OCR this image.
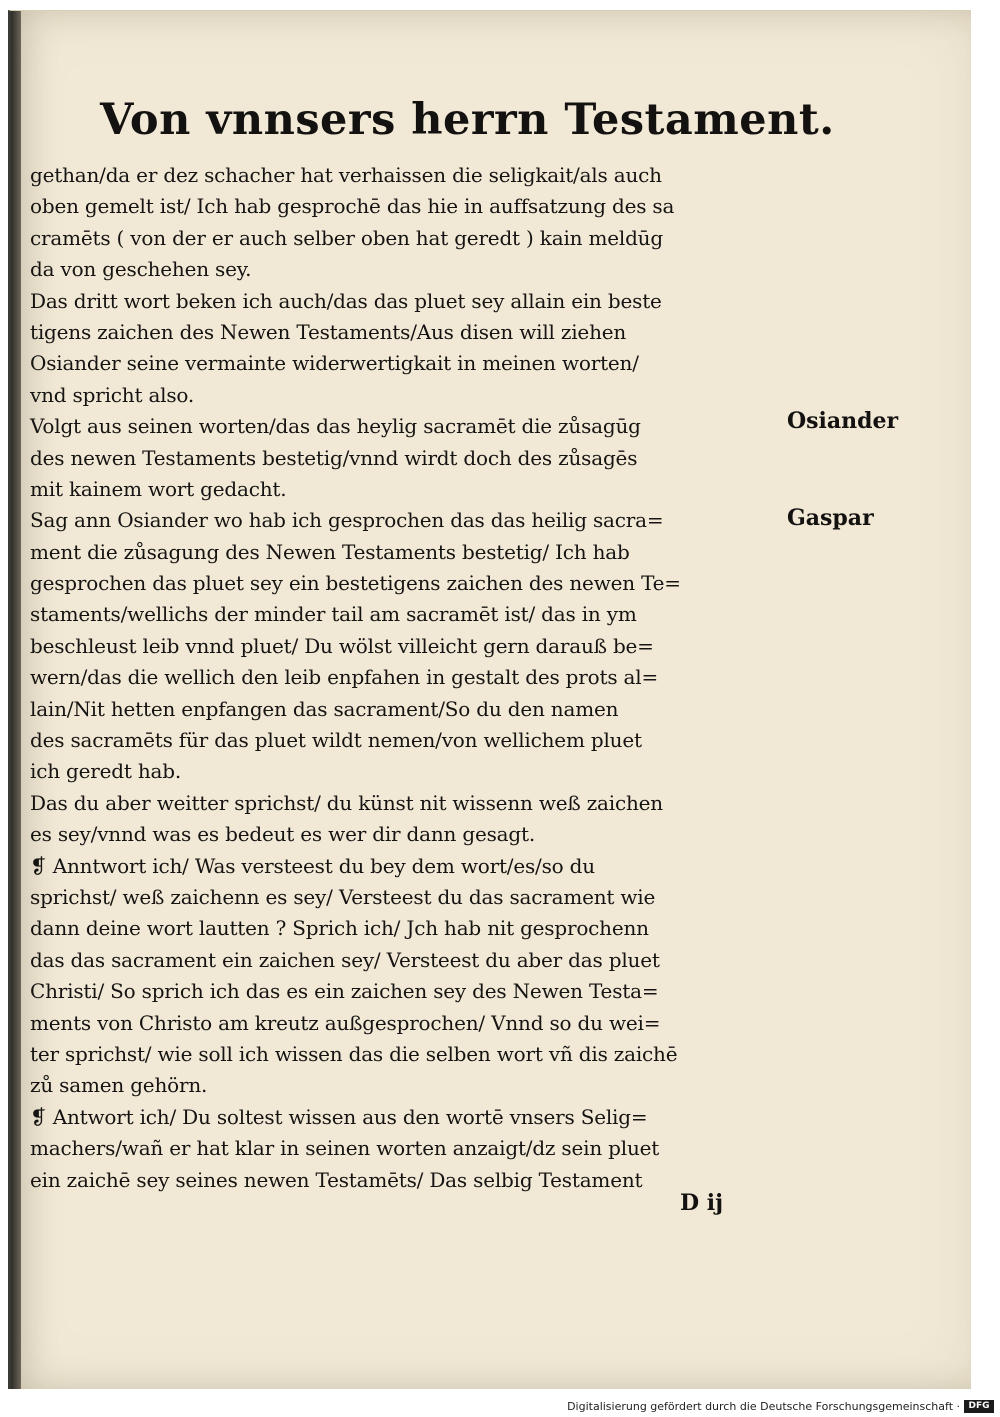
Von vnnsers herrn Testament.
gethan/da er dez schacher hat verhaissen die seligkait/als auch
oben gemelt ist/ Ich hab gesprochē das hie in auffsatzung des sa
cramēts ( von der er auch selber oben hat geredt ) kain meldūg
da von geschehen sey.
Das dritt wort beken ich auch/das das pluet sey allain ein beste
tigens zaichen des Newen Testaments/Aus disen will ziehen
Osiander seine vermainte widerwertigkait in meinen worten/
vnd spricht also.
Volgt aus seinen worten/das das heylig sacramēt die zůsagūg
des newen Testaments bestetig/vnnd wirdt doch des zůsagēs
mit kainem wort gedacht.
Sag ann Osiander wo hab ich gesprochen das das heilig sacra=
ment die zůsagung des Newen Testaments bestetig/ Ich hab
gesprochen das pluet sey ein bestetigens zaichen des newen Te=
staments/wellichs der minder tail am sacramēt ist/ das in ym
beschleust leib vnnd pluet/ Du wölst villeicht gern darauß be=
wern/das die wellich den leib enpfahen in gestalt des prots al=
lain/Nit hetten enpfangen das sacrament/So du den namen
des sacramēts für das pluet wildt nemen/von wellichem pluet
ich geredt hab.
Das du aber weitter sprichst/ du künst nit wissenn weß zaichen
es sey/vnnd was es bedeut es wer dir dann gesagt.
❡ Anntwort ich/ Was versteest du bey dem wort/es/so du
sprichst/ weß zaichenn es sey/ Versteest du das sacrament wie
dann deine wort lautten ? Sprich ich/ Jch hab nit gesprochenn
das das sacrament ein zaichen sey/ Versteest du aber das pluet
Christi/ So sprich ich das es ein zaichen sey des Newen Testa=
ments von Christo am kreutz außgesprochen/ Vnnd so du wei=
ter sprichst/ wie soll ich wissen das die selben wort vñ dis zaichē
zů samen gehörn.
❡ Antwort ich/ Du soltest wissen aus den wortē vnsers Selig=
machers/wañ er hat klar in seinen worten anzaigt/dz sein pluet
ein zaichē sey seines newen Testamēts/ Das selbig Testament
Osiander
Gaspar
D ij
Digitalisierung gefördert durch die Deutsche Forschungsgemeinschaft · DFG
